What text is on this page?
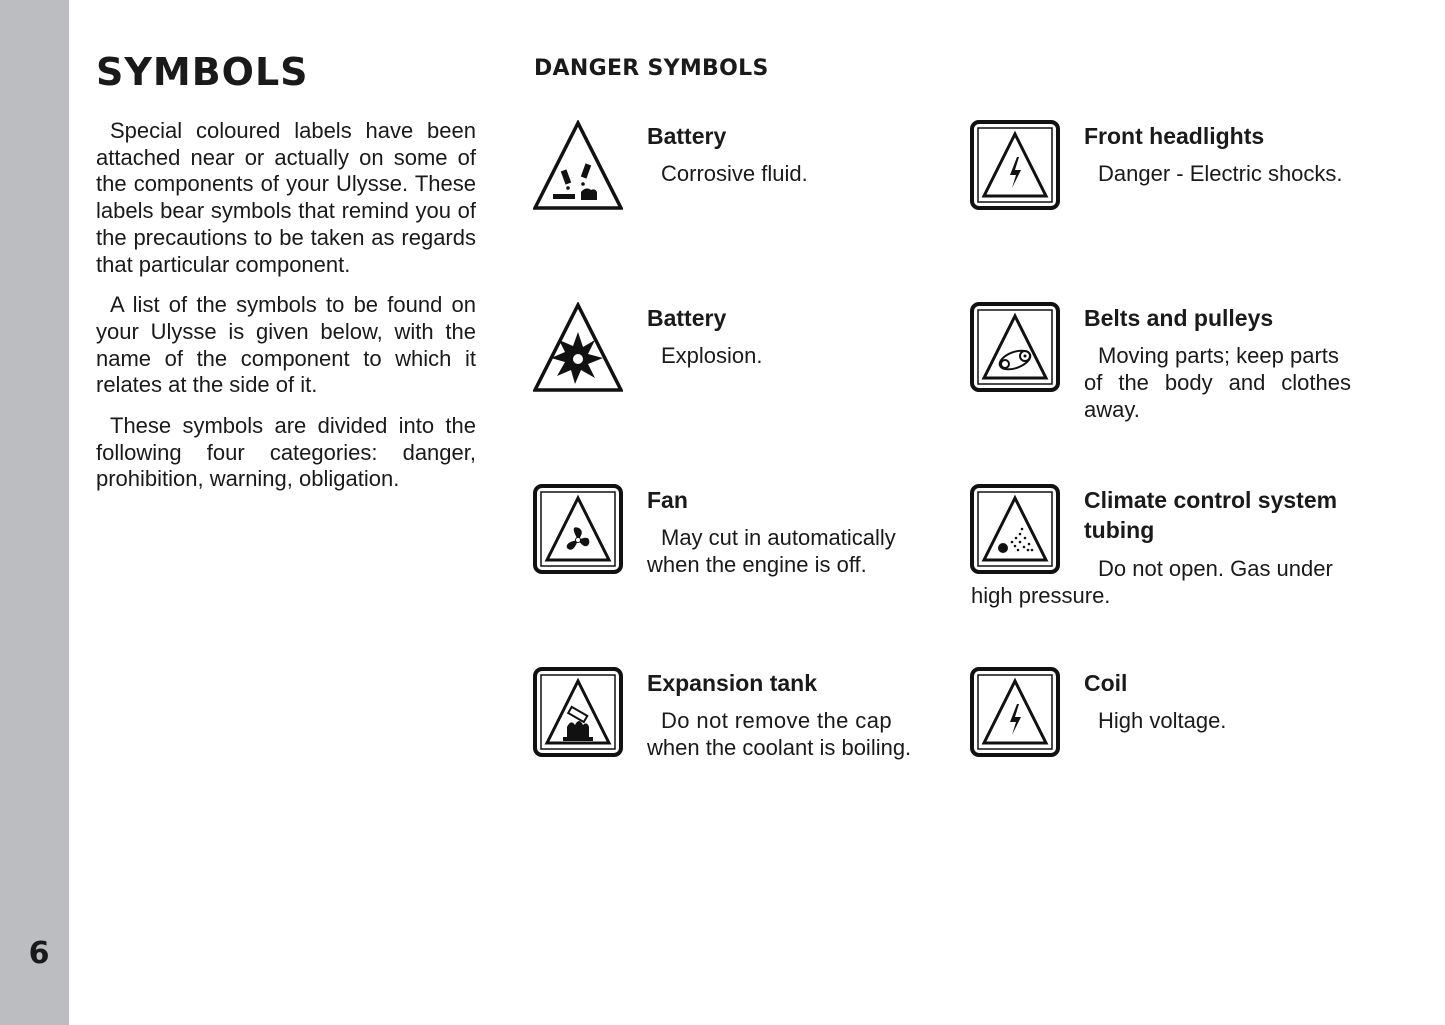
6
SYMBOLS

Special coloured labels have been attached near or actually on some of the components of your Ulysse. These labels bear symbols that remind you of the precautions to be taken as regards that particular component.

A list of the symbols to be found on your Ulysse is given below, with the name of the component to which it relates at the side of it.

These symbols are divided into the following four categories: danger, prohibition, warning, obligation.

DANGER SYMBOLS

Battery

Corrosive fluid.

Front headlights

Danger - Electric shocks.

Battery

Explosion.

Belts and pulleys

Moving parts; keep parts
of the body and clothes away.

Fan

May cut in automatically
when the engine is off.

Climate control system tubing

Do not open. Gas under
high pressure.

Expansion tank

Do not remove the cap
when the coolant is boiling.

Coil

High voltage.
